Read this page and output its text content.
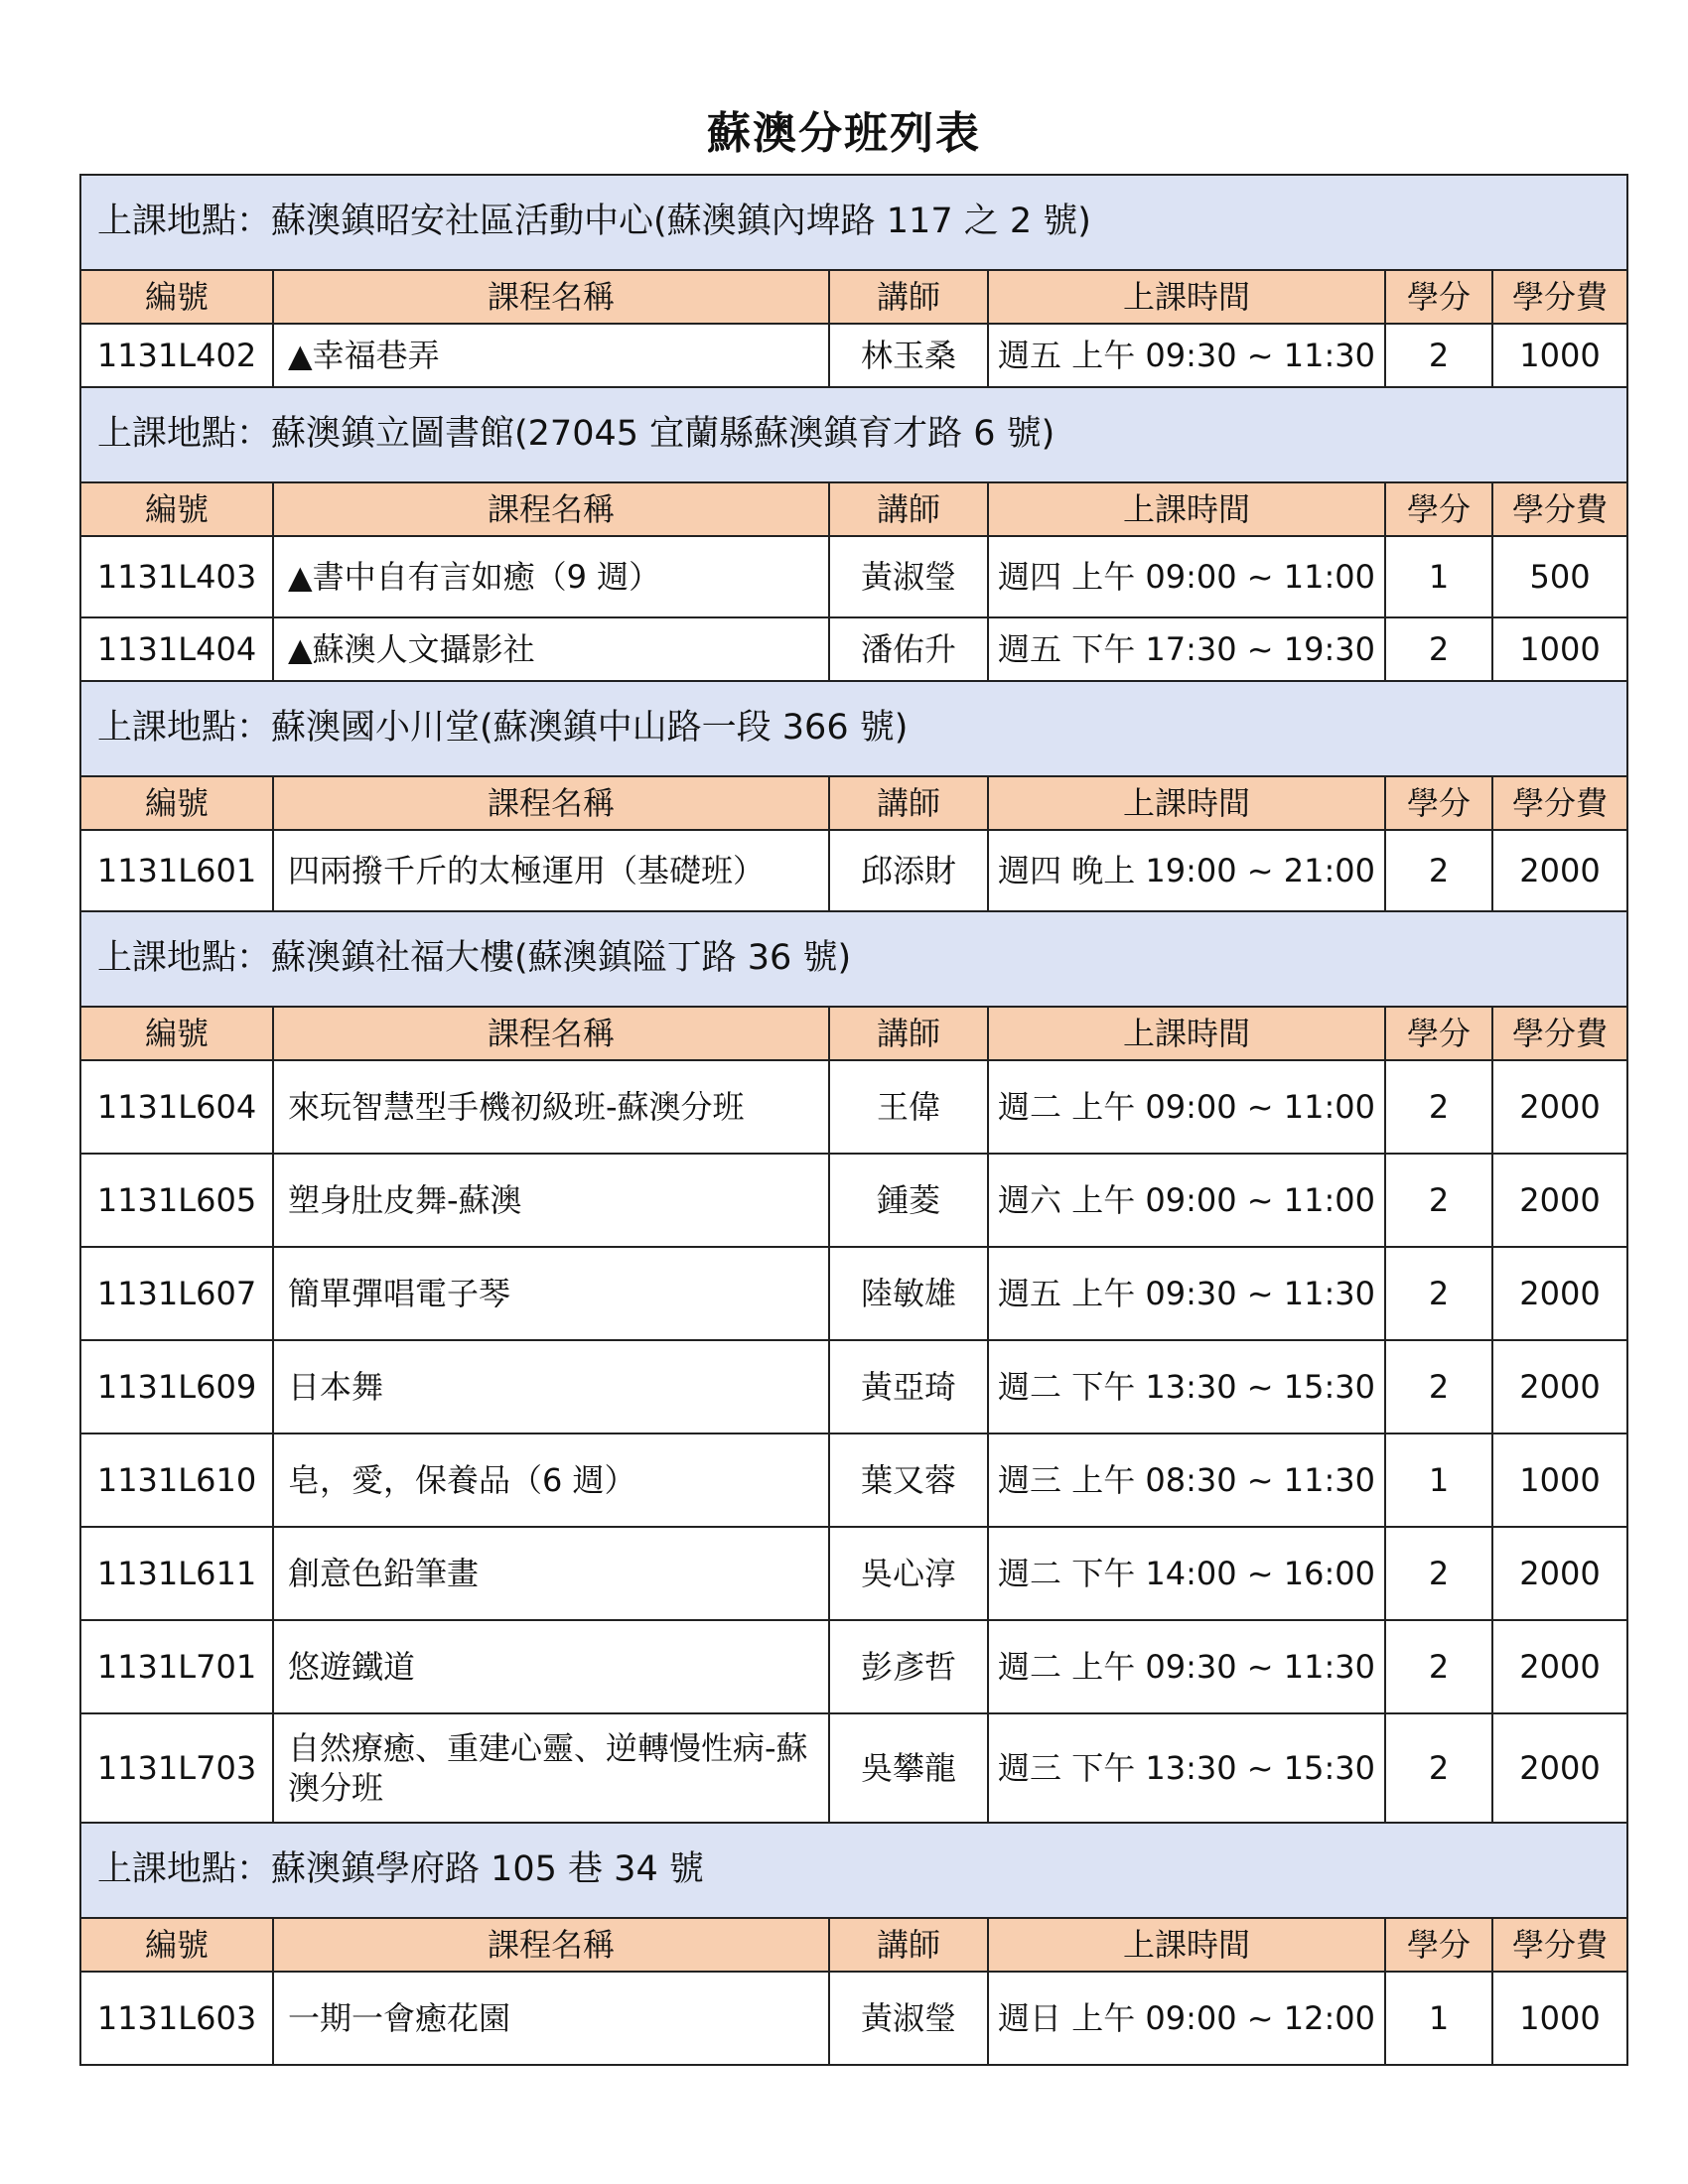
蘇澳分班列表
上課地點：蘇澳鎮昭安社區活動中心(蘇澳鎮內埤路 117 之 2 號)					
編號	課程名稱	講師	上課時間	學分	學分費
1131L402	▲幸福巷弄	林玉桑	週五 上午 09:30 ~ 11:30	2	1000
上課地點：蘇澳鎮立圖書館(27045 宜蘭縣蘇澳鎮育才路 6 號)					
編號	課程名稱	講師	上課時間	學分	學分費
1131L403	▲書中自有言如癒（9 週）	黃淑瑩	週四 上午 09:00 ~ 11:00	1	500
1131L404	▲蘇澳人文攝影社	潘佑升	週五 下午 17:30 ~ 19:30	2	1000
上課地點：蘇澳國小川堂(蘇澳鎮中山路一段 366 號)					
編號	課程名稱	講師	上課時間	學分	學分費
1131L601	四兩撥千斤的太極運用（基礎班）	邱添財	週四 晚上 19:00 ~ 21:00	2	2000
上課地點：蘇澳鎮社福大樓(蘇澳鎮隘丁路 36 號)					
編號	課程名稱	講師	上課時間	學分	學分費
1131L604	來玩智慧型手機初級班-蘇澳分班	王偉	週二 上午 09:00 ~ 11:00	2	2000
1131L605	塑身肚皮舞-蘇澳	鍾菱	週六 上午 09:00 ~ 11:00	2	2000
1131L607	簡單彈唱電子琴	陸敏雄	週五 上午 09:30 ~ 11:30	2	2000
1131L609	日本舞	黃亞琦	週二 下午 13:30 ~ 15:30	2	2000
1131L610	皂，愛，保養品（6 週）	葉又蓉	週三 上午 08:30 ~ 11:30	1	1000
1131L611	創意色鉛筆畫	吳心淳	週二 下午 14:00 ~ 16:00	2	2000
1131L701	悠遊鐵道	彭彥哲	週二 上午 09:30 ~ 11:30	2	2000
1131L703	自然療癒、重建心靈、逆轉慢性病-蘇澳分班	吳攀龍	週三 下午 13:30 ~ 15:30	2	2000
上課地點：蘇澳鎮學府路 105 巷 34 號					
編號	課程名稱	講師	上課時間	學分	學分費
1131L603	一期一會癒花園	黃淑瑩	週日 上午 09:00 ~ 12:00	1	1000
